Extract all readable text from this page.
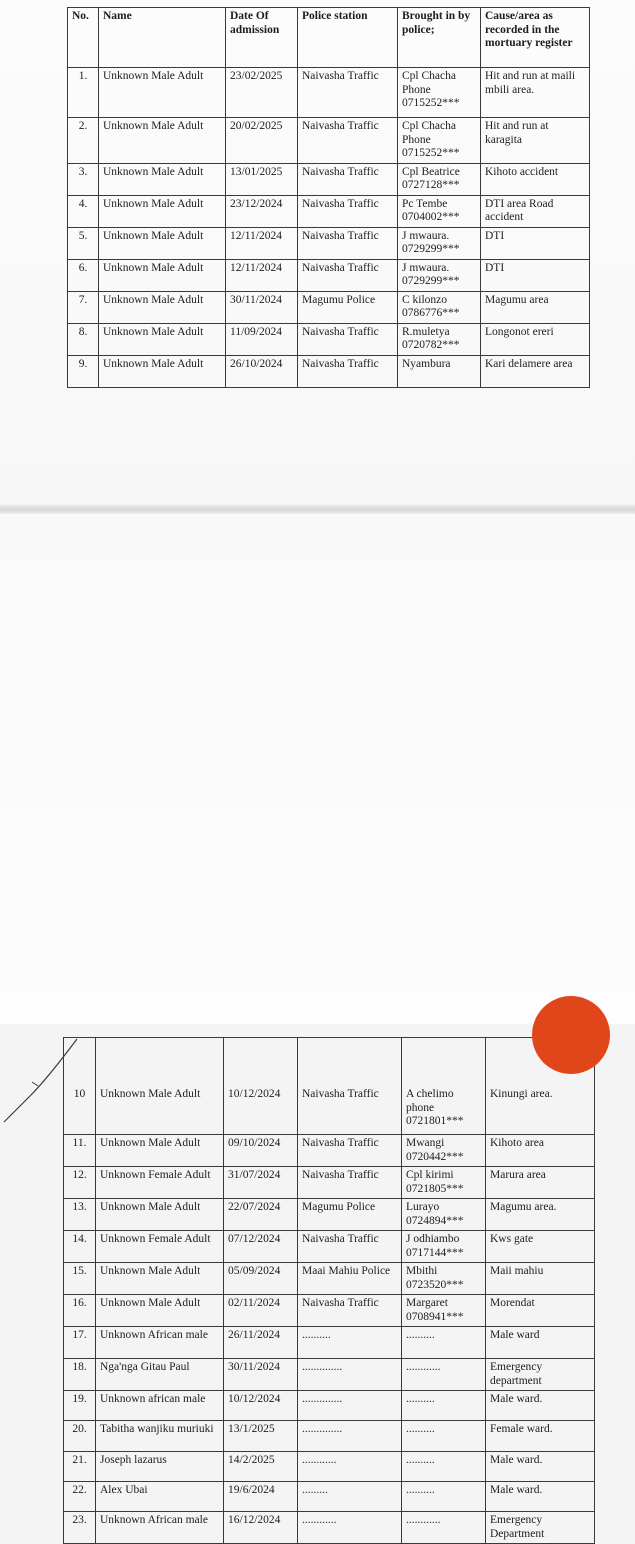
No.	Name	Date Of admission	Police station	Brought in by police;	Cause/area as recorded in the mortuary register
1.	Unknown Male Adult	23/02/2025	Naivasha Traffic	Cpl Chacha Phone 0715252***	Hit and run at maili mbili area.
2.	Unknown Male Adult	20/02/2025	Naivasha Traffic	Cpl Chacha Phone 0715252***	Hit and run at karagita
3.	Unknown Male Adult	13/01/2025	Naivasha Traffic	Cpl Beatrice 0727128***	Kihoto accident
4.	Unknown Male Adult	23/12/2024	Naivasha Traffic	Pc Tembe 0704002***	DTI area Road accident
5.	Unknown Male Adult	12/11/2024	Naivasha Traffic	J mwaura. 0729299***	DTI
6.	Unknown Male Adult	12/11/2024	Naivasha Traffic	J mwaura. 0729299***	DTI
7.	Unknown Male Adult	30/11/2024	Magumu Police	C kilonzo 0786776***	Magumu area
8.	Unknown Male Adult	11/09/2024	Naivasha Traffic	R.muletya 0720782***	Longonot ereri
9.	Unknown Male Adult	26/10/2024	Naivasha Traffic	Nyambura	Kari delamere area
10	Unknown Male Adult	10/12/2024	Naivasha Traffic	A chelimo phone 0721801***	Kinungi area.
11.	Unknown Male Adult	09/10/2024	Naivasha Traffic	Mwangi 0720442***	Kihoto area
12.	Unknown Female Adult	31/07/2024	Naivasha Traffic	Cpl kirimi 0721805***	Marura area
13.	Unknown Male Adult	22/07/2024	Magumu Police	Lurayo 0724894***	Magumu area.
14.	Unknown Female Adult	07/12/2024	Naivasha Traffic	J odhiambo 0717144***	Kws gate
15.	Unknown Male Adult	05/09/2024	Maai Mahiu Police	Mbithi 0723520***	Maii mahiu
16.	Unknown Male Adult	02/11/2024	Naivasha Traffic	Margaret 0708941***	Morendat
17.	Unknown African male	26/11/2024	..........	..........	Male ward
18.	Nga'nga Gitau Paul	30/11/2024	..............	............	Emergency department
19.	Unknown african male	10/12/2024	..............	..........	Male ward.
20.	Tabitha wanjiku muriuki	13/1/2025	..............	..........	Female ward.
21.	Joseph lazarus	14/2/2025	............	..........	Male ward.
22.	Alex Ubai	19/6/2024	.........	..........	Male ward.
23.	Unknown African male	16/12/2024	............	............	Emergency Department
